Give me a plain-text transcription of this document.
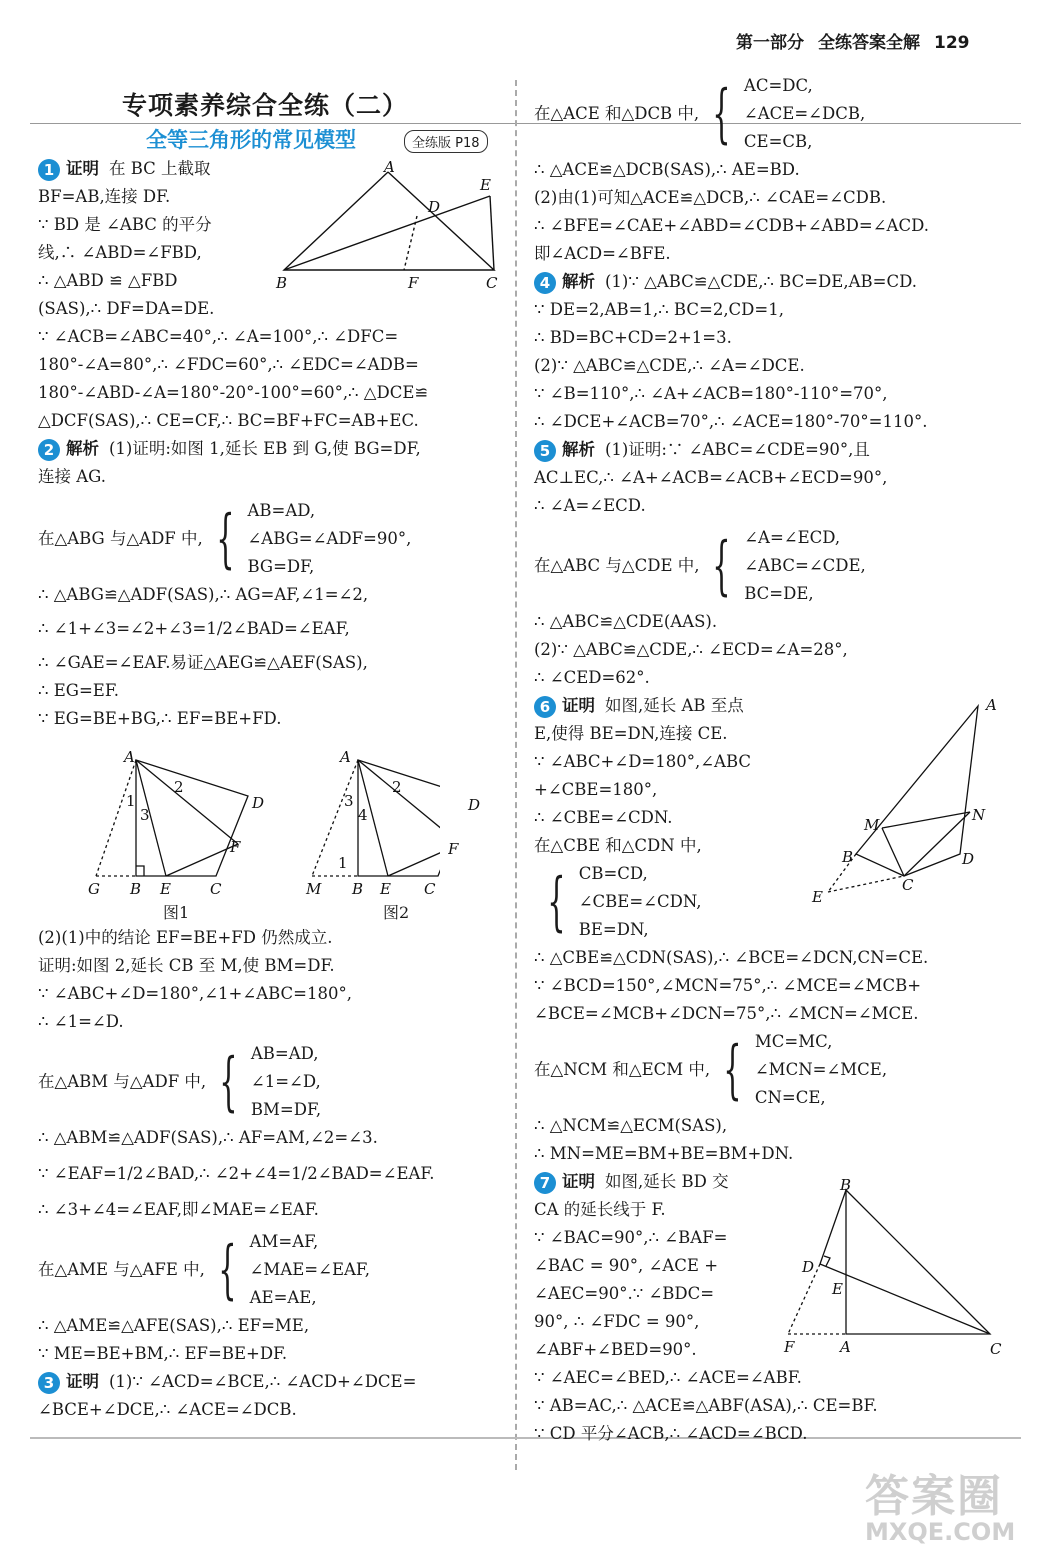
第一部分 全练答案全解 129
专项素养综合全练（二）
全等三角形的常见模型	全练版 P18
1 证明 在 BC 上截取
BF=AB,连接 DF.
∵ BD 是 ∠ABC 的平分
线,∴ ∠ABD=∠FBD,
∴ △ABD ≌ △FBD
(SAS),∴ DF=DA=DE.
∵ ∠ACB=∠ABC=40°,∴ ∠A=100°,∴ ∠DFC=
180°-∠A=80°,∴ ∠FDC=60°,∴ ∠EDC=∠ADB=
180°-∠ABD-∠A=180°-20°-100°=60°,∴ △DCE≌
△DCF(SAS),∴ CE=CF,∴ BC=BF+FC=AB+EC.
2 解析 (1)证明:如图 1,延长 EB 到 G,使 BG=DF,
连接 AG.
在△ABG 与△ADF 中, { AB=AD,
∠ABG=∠ADF=90°,
BG=DF,
∴ △ABG≌△ADF(SAS),∴ AG=AF,∠1=∠2,
∴ ∠1+∠3=∠2+∠3=1/2∠BAD=∠EAF,
∴ ∠GAE=∠EAF.易证△AEG≌△AEF(SAS),
∴ EG=EF.
∵ EG=BE+BG,∴ EF=BE+FD.
A
E
D
B	F	C
A
1
3
2
D
F
G B E	C
A
3
4
2
1
M B E C
图1	图2
D
F
(2)(1)中的结论 EF=BE+FD 仍然成立.
证明:如图 2,延长 CB 至 M,使 BM=DF.
∵ ∠ABC+∠D=180°,∠1+∠ABC=180°,
∴ ∠1=∠D.
在△ABM 与△ADF 中, { AB=AD,
∠1=∠D,
BM=DF,
∴ △ABM≌△ADF(SAS),∴ AF=AM,∠2=∠3.
∵ ∠EAF=1/2∠BAD,∴ ∠2+∠4=1/2∠BAD=∠EAF.
∴ ∠3+∠4=∠EAF,即∠MAE=∠EAF.
在△AME 与△AFE 中, { AM=AF,
∠MAE=∠EAF,
AE=AE,
∴ △AME≌△AFE(SAS),∴ EF=ME,
∵ ME=BE+BM,∴ EF=BE+DF.
3 证明 (1)∵ ∠ACD=∠BCE,∴ ∠ACD+∠DCE=
∠BCE+∠DCE,∴ ∠ACE=∠DCB.
在△ACE 和△DCB 中, { AC=DC,
∠ACE=∠DCB,
CE=CB,
∴ △ACE≌△DCB(SAS),∴ AE=BD.
(2)由(1)可知△ACE≌△DCB,∴ ∠CAE=∠CDB.
∴ ∠BFE=∠CAE+∠ABD=∠CDB+∠ABD=∠ACD.
即∠ACD=∠BFE.
4 解析 (1)∵ △ABC≌△CDE,∴ BC=DE,AB=CD.
∵ DE=2,AB=1,∴ BC=2,CD=1,
∴ BD=BC+CD=2+1=3.
(2)∵ △ABC≌△CDE,∴ ∠A=∠DCE.
∵ ∠B=110°,∴ ∠A+∠ACB=180°-110°=70°,
∴ ∠DCE+∠ACB=70°,∴ ∠ACE=180°-70°=110°.
5 解析 (1)证明:∵ ∠ABC=∠CDE=90°,且
AC⊥EC,∴ ∠A+∠ACB=∠ACB+∠ECD=90°,
∴ ∠A=∠ECD.
在△ABC 与△CDE 中, { ∠A=∠ECD,
∠ABC=∠CDE,
BC=DE,
∴ △ABC≌△CDE(AAS).
(2)∵ △ABC≌△CDE,∴ ∠ECD=∠A=28°,
∴ ∠CED=62°.
6 证明 如图,延长 AB 至点
E,使得 BE=DN,连接 CE.
∵ ∠ABC+∠D=180°,∠ABC
+∠CBE=180°,
∴ ∠CBE=∠CDN.
在△CBE 和△CDN 中,
{ CB=CD,
∠CBE=∠CDN,
BE=DN,
∴ △CBE≌△CDN(SAS),∴ ∠BCE=∠DCN,CN=CE.
∵ ∠BCD=150°,∠MCN=75°,∴ ∠MCE=∠MCB+
∠BCE=∠MCB+∠DCN=75°,∴ ∠MCN=∠MCE.
在△NCM 和△ECM 中, { MC=MC,
∠MCN=∠MCE,
CN=CE,
∴ △NCM≌△ECM(SAS),
∴ MN=ME=BM+BE=BM+DN.
7 证明 如图,延长 BD 交
CA 的延长线于 F.
∵ ∠BAC=90°,∴ ∠BAF=
∠BAC = 90°, ∠ACE +
∠AEC=90°.∵ ∠BDC=
90°, ∴ ∠FDC = 90°,
∠ABF+∠BED=90°.
∵ ∠AEC=∠BED,∴ ∠ACE=∠ABF.
∵ AB=AC,∴ △ACE≌△ABF(ASA),∴ CE=BF.
∵ CD 平分∠ACB,∴ ∠ACD=∠BCD.
A
M
N
B	D
C
E
B
D
E
F	A	C
答案圈
MXQE.COM
